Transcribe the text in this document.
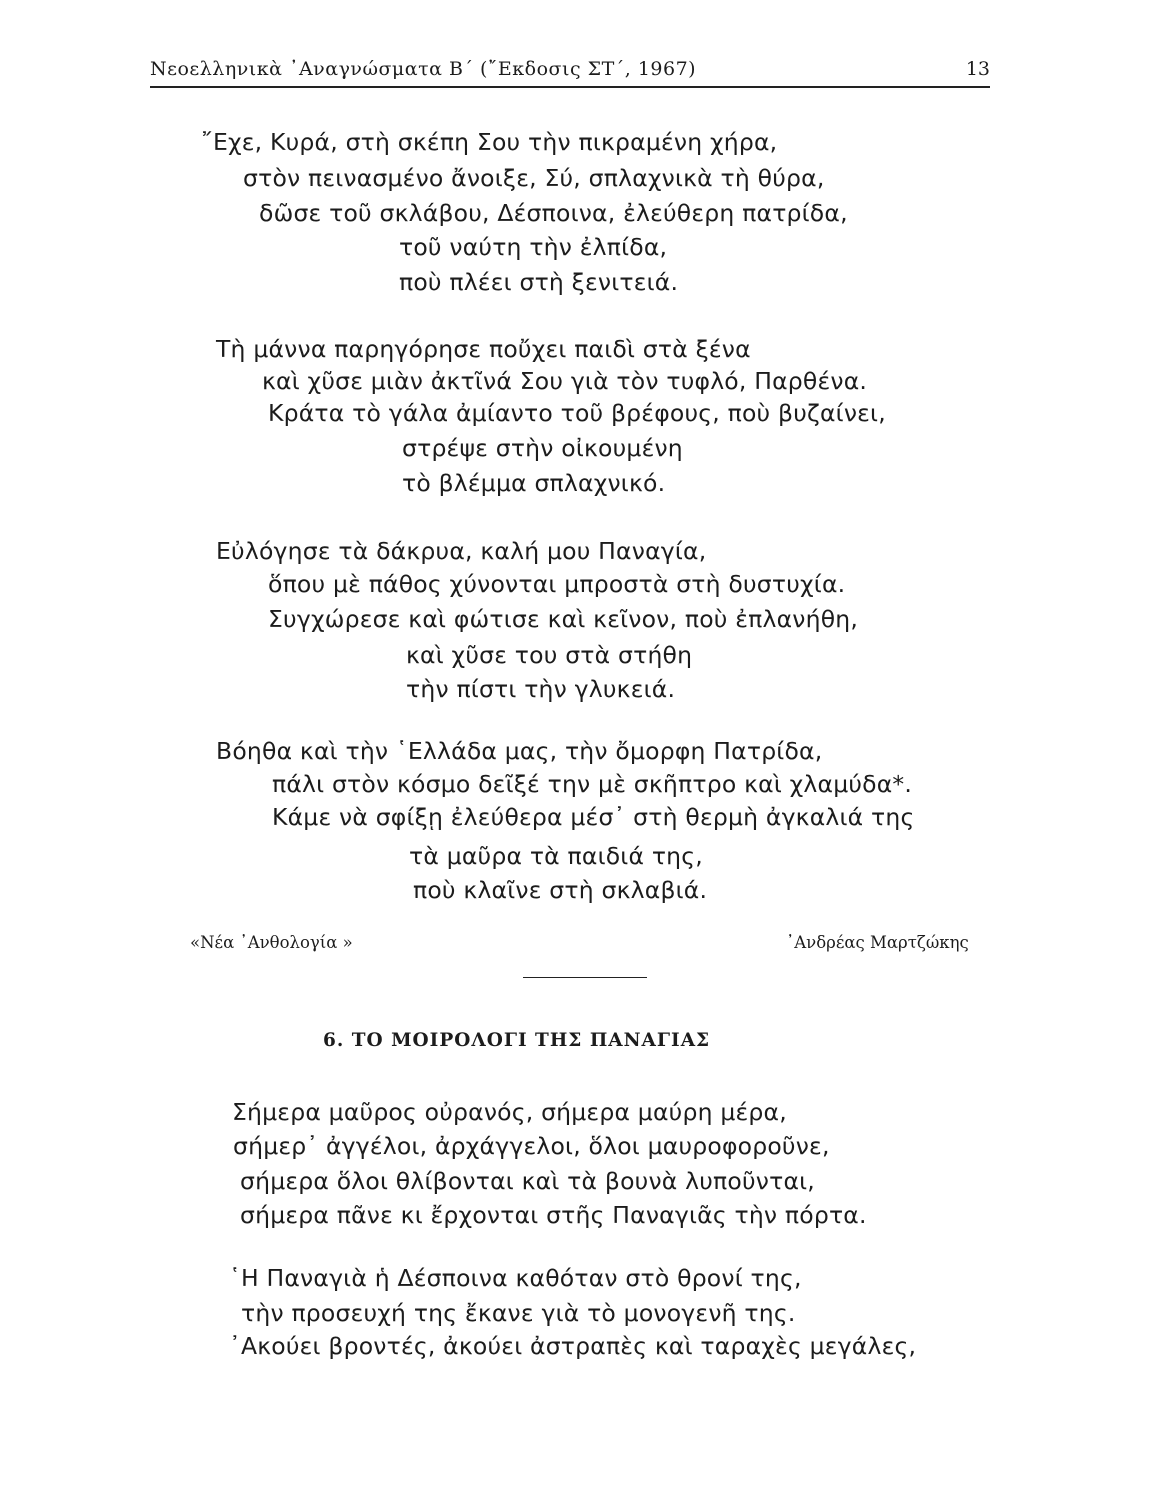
Νεοελληνικὰ ᾿Αναγνώσματα Β΄ (῎Εκδοσις ΣΤ΄, 1967)	13
῎Εχε, Κυρά, στὴ σκέπη Σου τὴν πικραμένη χήρα,
στὸν πεινασμένο ἄνοιξε, Σύ, σπλαχνικὰ τὴ θύρα,
δῶσε τοῦ σκλάβου, Δέσποινα, ἐλεύθερη πατρίδα,
τοῦ ναύτη τὴν ἐλπίδα,
ποὺ πλέει στὴ ξενιτειά.
Τὴ μάννα παρηγόρησε ποὔχει παιδὶ στὰ ξένα
καὶ χῦσε μιὰν ἀκτῖνά Σου γιὰ τὸν τυφλό, Παρθένα.
Κράτα τὸ γάλα ἀμίαντο τοῦ βρέφους, ποὺ βυζαίνει,
στρέψε στὴν οἰκουμένη
τὸ βλέμμα σπλαχνικό.
Εὐλόγησε τὰ δάκρυα, καλή μου Παναγία,
ὅπου μὲ πάθος χύνονται μπροστὰ στὴ δυστυχία.
Συγχώρεσε καὶ φώτισε καὶ κεῖνον, ποὺ ἐπλανήθη,
καὶ χῦσε του στὰ στήθη
τὴν πίστι τὴν γλυκειά.
Βόηθα καὶ τὴν ῾Ελλάδα μας, τὴν ὄμορφη Πατρίδα,
πάλι στὸν κόσμο δεῖξέ την μὲ σκῆπτρο καὶ χλαμύδα*.
Κάμε νὰ σφίξῃ ἐλεύθερα μέσ᾿ στὴ θερμὴ ἀγκαλιά της
τὰ μαῦρα τὰ παιδιά της,
ποὺ κλαῖνε στὴ σκλαβιά.
«Νέα ᾿Ανθολογία »	᾿Ανδρέας Μαρτζώκης
6. ΤΟ ΜΟΙΡΟΛΟΓΙ ΤΗΣ ΠΑΝΑΓΙΑΣ
Σήμερα μαῦρος οὐρανός, σήμερα μαύρη μέρα,
σήμερ᾿ ἀγγέλοι, ἀρχάγγελοι, ὅλοι μαυροφοροῦνε,
σήμερα ὅλοι θλίβονται καὶ τὰ βουνὰ λυποῦνται,
σήμερα πᾶνε κι ἔρχονται στῆς Παναγιᾶς τὴν πόρτα.
῾Η Παναγιὰ ἡ Δέσποινα καθόταν στὸ θρονί της,
τὴν προσευχή της ἔκανε γιὰ τὸ μονογενῆ της.
᾿Ακούει βροντές, ἀκούει ἀστραπὲς καὶ ταραχὲς μεγάλες,
